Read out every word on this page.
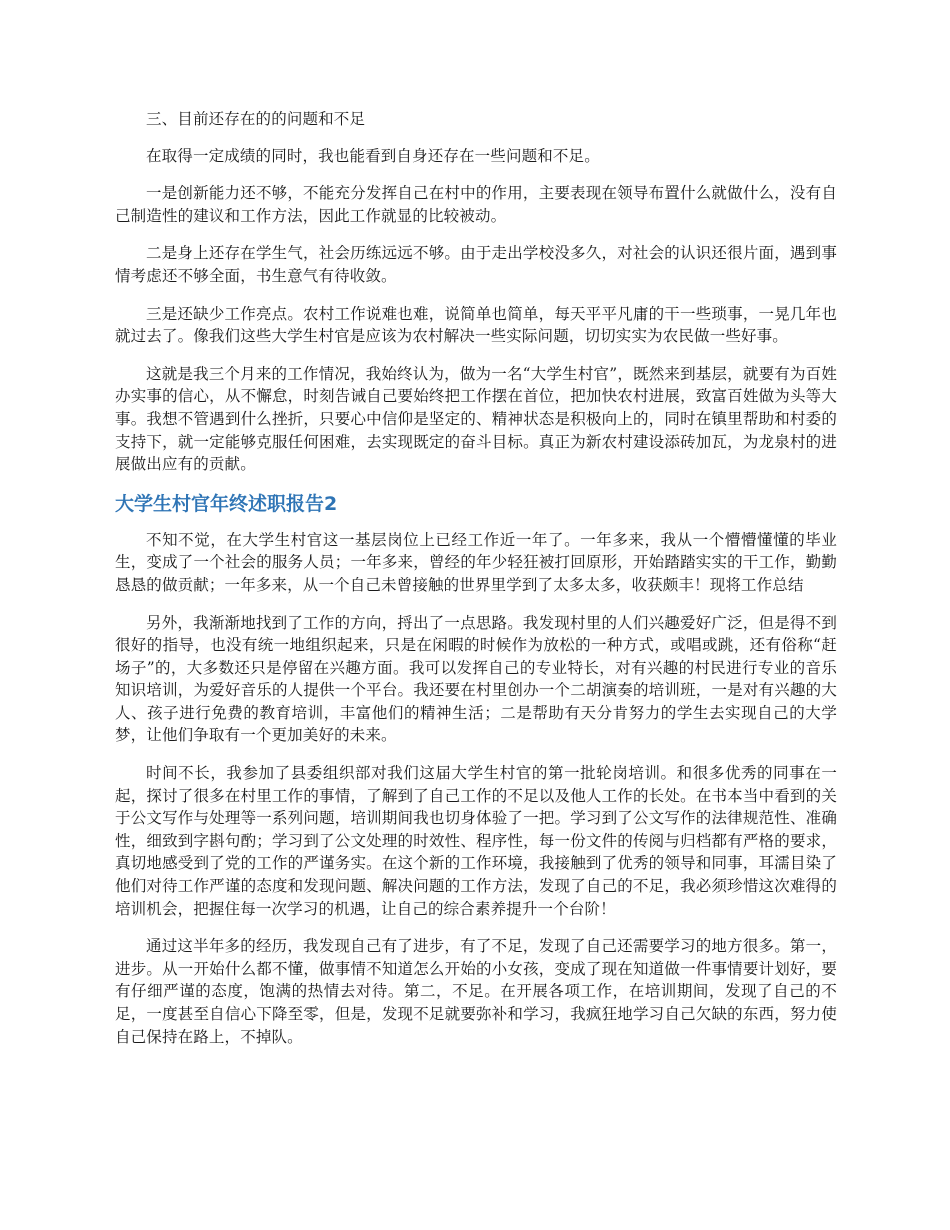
三、目前还存在的的问题和不足

在取得一定成绩的同时，我也能看到自身还存在一些问题和不足。

一是创新能力还不够，不能充分发挥自己在村中的作用，主要表现在领导布置什么就做什么，没有自己制造性的建议和工作方法，因此工作就显的比较被动。

二是身上还存在学生气，社会历练远远不够。由于走出学校没多久，对社会的认识还很片面，遇到事情考虑还不够全面，书生意气有待收敛。

三是还缺少工作亮点。农村工作说难也难，说简单也简单，每天平平凡庸的干一些琐事，一晃几年也就过去了。像我们这些大学生村官是应该为农村解决一些实际问题，切切实实为农民做一些好事。

这就是我三个月来的工作情况，我始终认为，做为一名“大学生村官”，既然来到基层，就要有为百姓办实事的信心，从不懈怠，时刻告诫自己要始终把工作摆在首位，把加快农村进展，致富百姓做为头等大事。我想不管遇到什么挫折，只要心中信仰是坚定的、精神状态是积极向上的，同时在镇里帮助和村委的支持下，就一定能够克服任何困难，去实现既定的奋斗目标。真正为新农村建设添砖加瓦，为龙泉村的进展做出应有的贡献。

大学生村官年终述职报告2

不知不觉，在大学生村官这一基层岗位上已经工作近一年了。一年多来，我从一个懵懵懂懂的毕业生，变成了一个社会的服务人员；一年多来，曾经的年少轻狂被打回原形，开始踏踏实实的干工作，勤勤恳恳的做贡献；一年多来，从一个自己未曾接触的世界里学到了太多太多，收获颇丰！现将工作总结

另外，我渐渐地找到了工作的方向，捋出了一点思路。我发现村里的人们兴趣爱好广泛，但是得不到很好的指导，也没有统一地组织起来，只是在闲暇的时候作为放松的一种方式，或唱或跳，还有俗称“赶场子”的，大多数还只是停留在兴趣方面。我可以发挥自己的专业特长，对有兴趣的村民进行专业的音乐知识培训，为爱好音乐的人提供一个平台。我还要在村里创办一个二胡演奏的培训班，一是对有兴趣的大人、孩子进行免费的教育培训，丰富他们的精神生活；二是帮助有天分肯努力的学生去实现自己的大学梦，让他们争取有一个更加美好的未来。

时间不长，我参加了县委组织部对我们这届大学生村官的第一批轮岗培训。和很多优秀的同事在一起，探讨了很多在村里工作的事情，了解到了自己工作的不足以及他人工作的长处。在书本当中看到的关于公文写作与处理等一系列问题，培训期间我也切身体验了一把。学习到了公文写作的法律规范性、准确性，细致到字斟句酌；学习到了公文处理的时效性、程序性，每一份文件的传阅与归档都有严格的要求，真切地感受到了党的工作的严谨务实。在这个新的工作环境，我接触到了优秀的领导和同事，耳濡目染了他们对待工作严谨的态度和发现问题、解决问题的工作方法，发现了自己的不足，我必须珍惜这次难得的培训机会，把握住每一次学习的机遇，让自己的综合素养提升一个台阶！

通过这半年多的经历，我发现自己有了进步，有了不足，发现了自己还需要学习的地方很多。第一，进步。从一开始什么都不懂，做事情不知道怎么开始的小女孩，变成了现在知道做一件事情要计划好，要有仔细严谨的态度，饱满的热情去对待。第二，不足。在开展各项工作，在培训期间，发现了自己的不足，一度甚至自信心下降至零，但是，发现不足就要弥补和学习，我疯狂地学习自己欠缺的东西，努力使自己保持在路上，不掉队。
